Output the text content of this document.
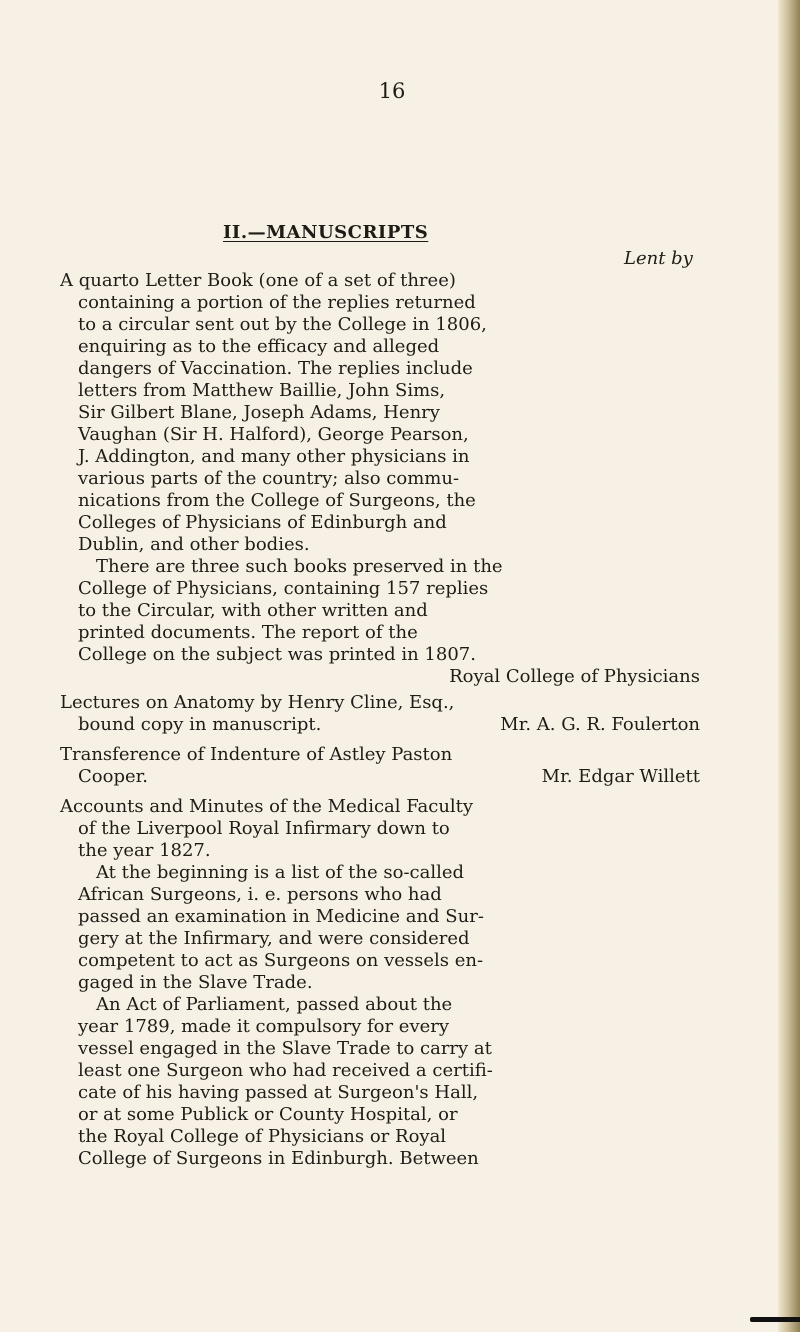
16
II.—MANUSCRIPTS
Lent by
A quarto Letter Book (one of a set of three)
containing a portion of the replies returned
to a circular sent out by the College in 1806,
enquiring as to the efficacy and alleged
dangers of Vaccination. The replies include
letters from Matthew Baillie, John Sims,
Sir Gilbert Blane, Joseph Adams, Henry
Vaughan (Sir H. Halford), George Pearson,
J. Addington, and many other physicians in
various parts of the country; also commu-
nications from the College of Surgeons, the
Colleges of Physicians of Edinburgh and
Dublin, and other bodies.
There are three such books preserved in the
College of Physicians, containing 157 replies
to the Circular, with other written and
printed documents. The report of the
College on the subject was printed in 1807.
Royal College of Physicians
Lectures on Anatomy by Henry Cline, Esq.,
bound copy in manuscript.	Mr. A. G. R. Foulerton
Transference of Indenture of Astley Paston
Cooper.	Mr. Edgar Willett
Accounts and Minutes of the Medical Faculty
of the Liverpool Royal Infirmary down to
the year 1827.
At the beginning is a list of the so-called
African Surgeons, i. e. persons who had
passed an examination in Medicine and Sur-
gery at the Infirmary, and were considered
competent to act as Surgeons on vessels en-
gaged in the Slave Trade.
An Act of Parliament, passed about the
year 1789, made it compulsory for every
vessel engaged in the Slave Trade to carry at
least one Surgeon who had received a certifi-
cate of his having passed at Surgeon's Hall,
or at some Publick or County Hospital, or
the Royal College of Physicians or Royal
College of Surgeons in Edinburgh. Between
